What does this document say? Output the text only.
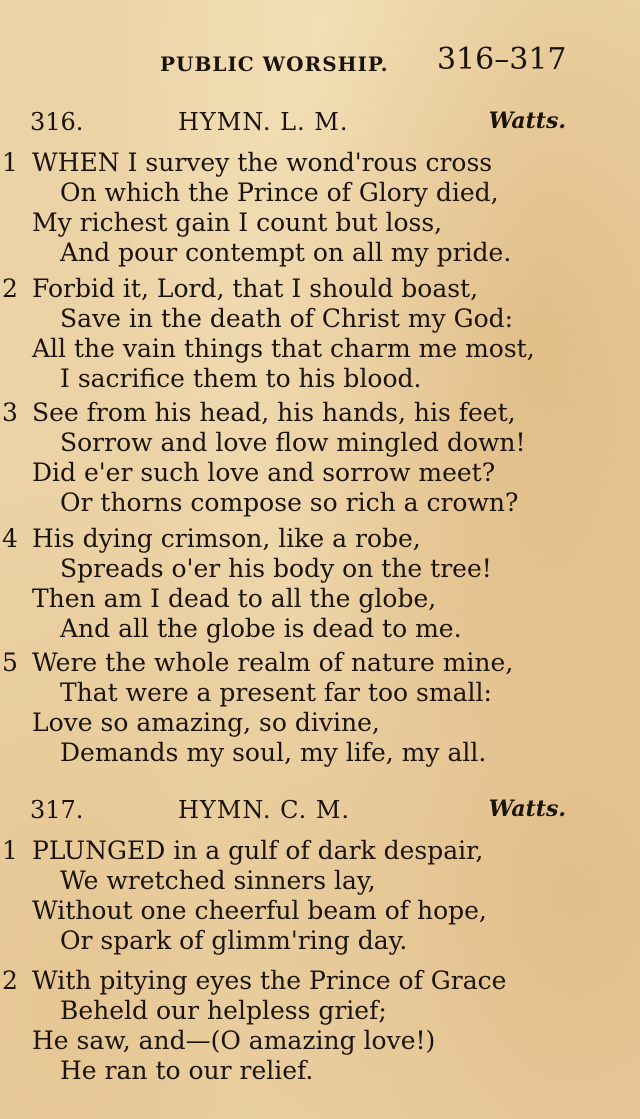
PUBLIC WORSHIP. 316–317
316.	HYMN. L. M.	Watts.
1 WHEN I survey the wond'rous cross
On which the Prince of Glory died,
My richest gain I count but loss,
And pour contempt on all my pride.
2 Forbid it, Lord, that I should boast,
Save in the death of Christ my God:
All the vain things that charm me most,
I sacrifice them to his blood.
3 See from his head, his hands, his feet,
Sorrow and love flow mingled down!
Did e'er such love and sorrow meet?
Or thorns compose so rich a crown?
4 His dying crimson, like a robe,
Spreads o'er his body on the tree!
Then am I dead to all the globe,
And all the globe is dead to me.
5 Were the whole realm of nature mine,
That were a present far too small:
Love so amazing, so divine,
Demands my soul, my life, my all.
317.	HYMN. C. M.	Watts.
1 PLUNGED in a gulf of dark despair,
We wretched sinners lay,
Without one cheerful beam of hope,
Or spark of glimm'ring day.
2 With pitying eyes the Prince of Grace
Beheld our helpless grief;
He saw, and—(O amazing love!)
He ran to our relief.
